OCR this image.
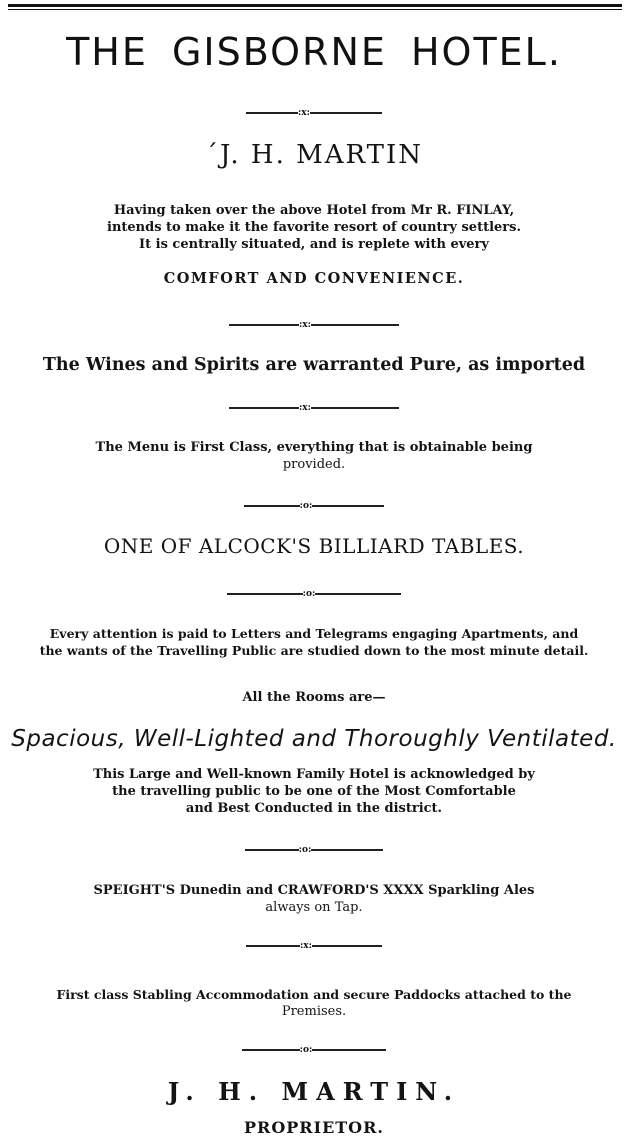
THE GISBORNE HOTEL.
:x:
´J. H. MARTIN
Having taken over the above Hotel from Mr R. FINLAY,
intends to make it the favorite resort of country settlers.
It is centrally situated, and is replete with every
COMFORT AND CONVENIENCE.
:x:
The Wines and Spirits are warranted Pure, as imported
:x:
The Menu is First Class, everything that is obtainable being
provided.
:o:
ONE OF ALCOCK'S BILLIARD TABLES.
:o:
Every attention is paid to Letters and Telegrams engaging Apartments, and
the wants of the Travelling Public are studied down to the most minute detail.
All the Rooms are—
Spacious, Well-Lighted and Thoroughly Ventilated.
This Large and Well-known Family Hotel is acknowledged by
the travelling public to be one of the Most Comfortable
and Best Conducted in the district.
:o:
SPEIGHT'S Dunedin and CRAWFORD'S XXXX Sparkling Ales
always on Tap.
:x:
First class Stabling Accommodation and secure Paddocks attached to the
Premises.
:o:
J. H. MARTIN.
PROPRIETOR.
